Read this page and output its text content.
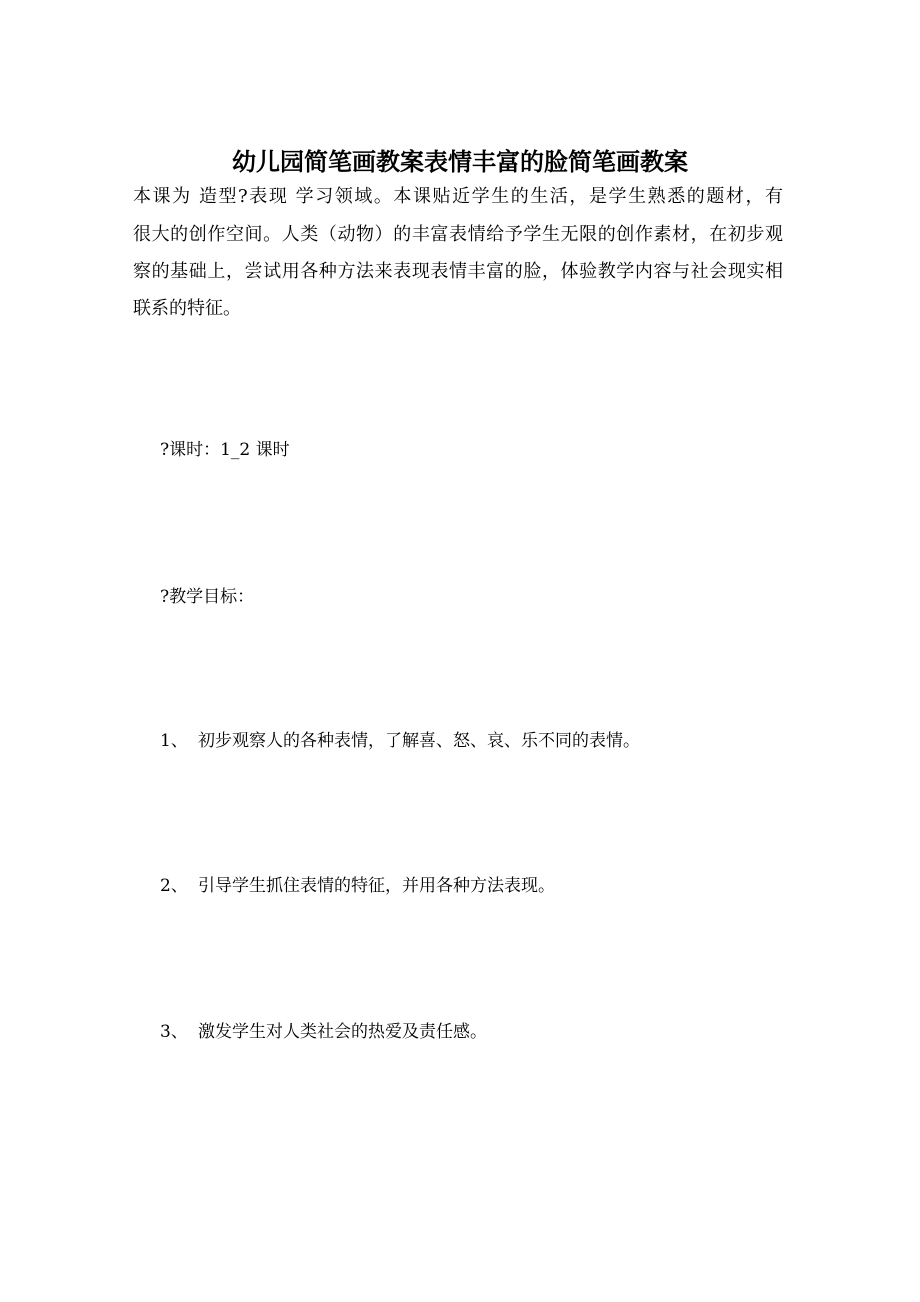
幼儿园简笔画教案表情丰富的脸简笔画教案
本课为 造型?表现 学习领域。本课贴近学生的生活，是学生熟悉的题材，有
很大的创作空间。人类（动物）的丰富表情给予学生无限的创作素材，在初步观
察的基础上，尝试用各种方法来表现表情丰富的脸，体验教学内容与社会现实相
联系的特征。
?课时：1_2 课时
?教学目标：
1、 初步观察人的各种表情，了解喜、怒、哀、乐不同的表情。
2、 引导学生抓住表情的特征，并用各种方法表现。
3、 激发学生对人类社会的热爱及责任感。
